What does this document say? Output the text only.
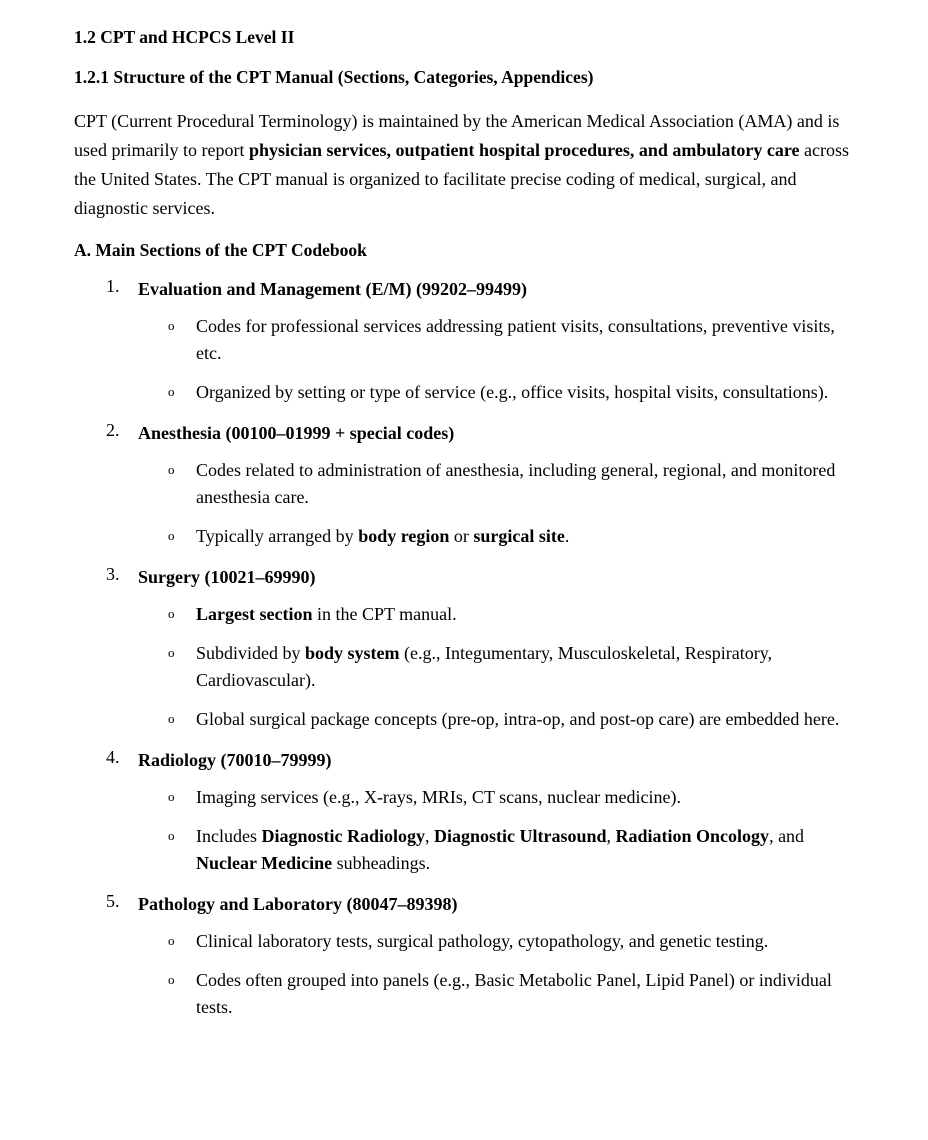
1.2 CPT and HCPCS Level II
1.2.1 Structure of the CPT Manual (Sections, Categories, Appendices)

CPT (Current Procedural Terminology) is maintained by the American Medical Association (AMA) and is used primarily to report physician services, outpatient hospital procedures, and ambulatory care across the United States. The CPT manual is organized to facilitate precise coding of medical, surgical, and diagnostic services.

A. Main Sections of the CPT Codebook
1. Evaluation and Management (E/M) (99202–99499)
o Codes for professional services addressing patient visits, consultations, preventive visits, etc.
o Organized by setting or type of service (e.g., office visits, hospital visits, consultations).
2. Anesthesia (00100–01999 + special codes)
o Codes related to administration of anesthesia, including general, regional, and monitored anesthesia care.
o Typically arranged by body region or surgical site.
3. Surgery (10021–69990)
o Largest section in the CPT manual.
o Subdivided by body system (e.g., Integumentary, Musculoskeletal, Respiratory, Cardiovascular).
o Global surgical package concepts (pre-op, intra-op, and post-op care) are embedded here.
4. Radiology (70010–79999)
o Imaging services (e.g., X-rays, MRIs, CT scans, nuclear medicine).
o Includes Diagnostic Radiology, Diagnostic Ultrasound, Radiation Oncology, and Nuclear Medicine subheadings.
5. Pathology and Laboratory (80047–89398)
o Clinical laboratory tests, surgical pathology, cytopathology, and genetic testing.
o Codes often grouped into panels (e.g., Basic Metabolic Panel, Lipid Panel) or individual tests.
